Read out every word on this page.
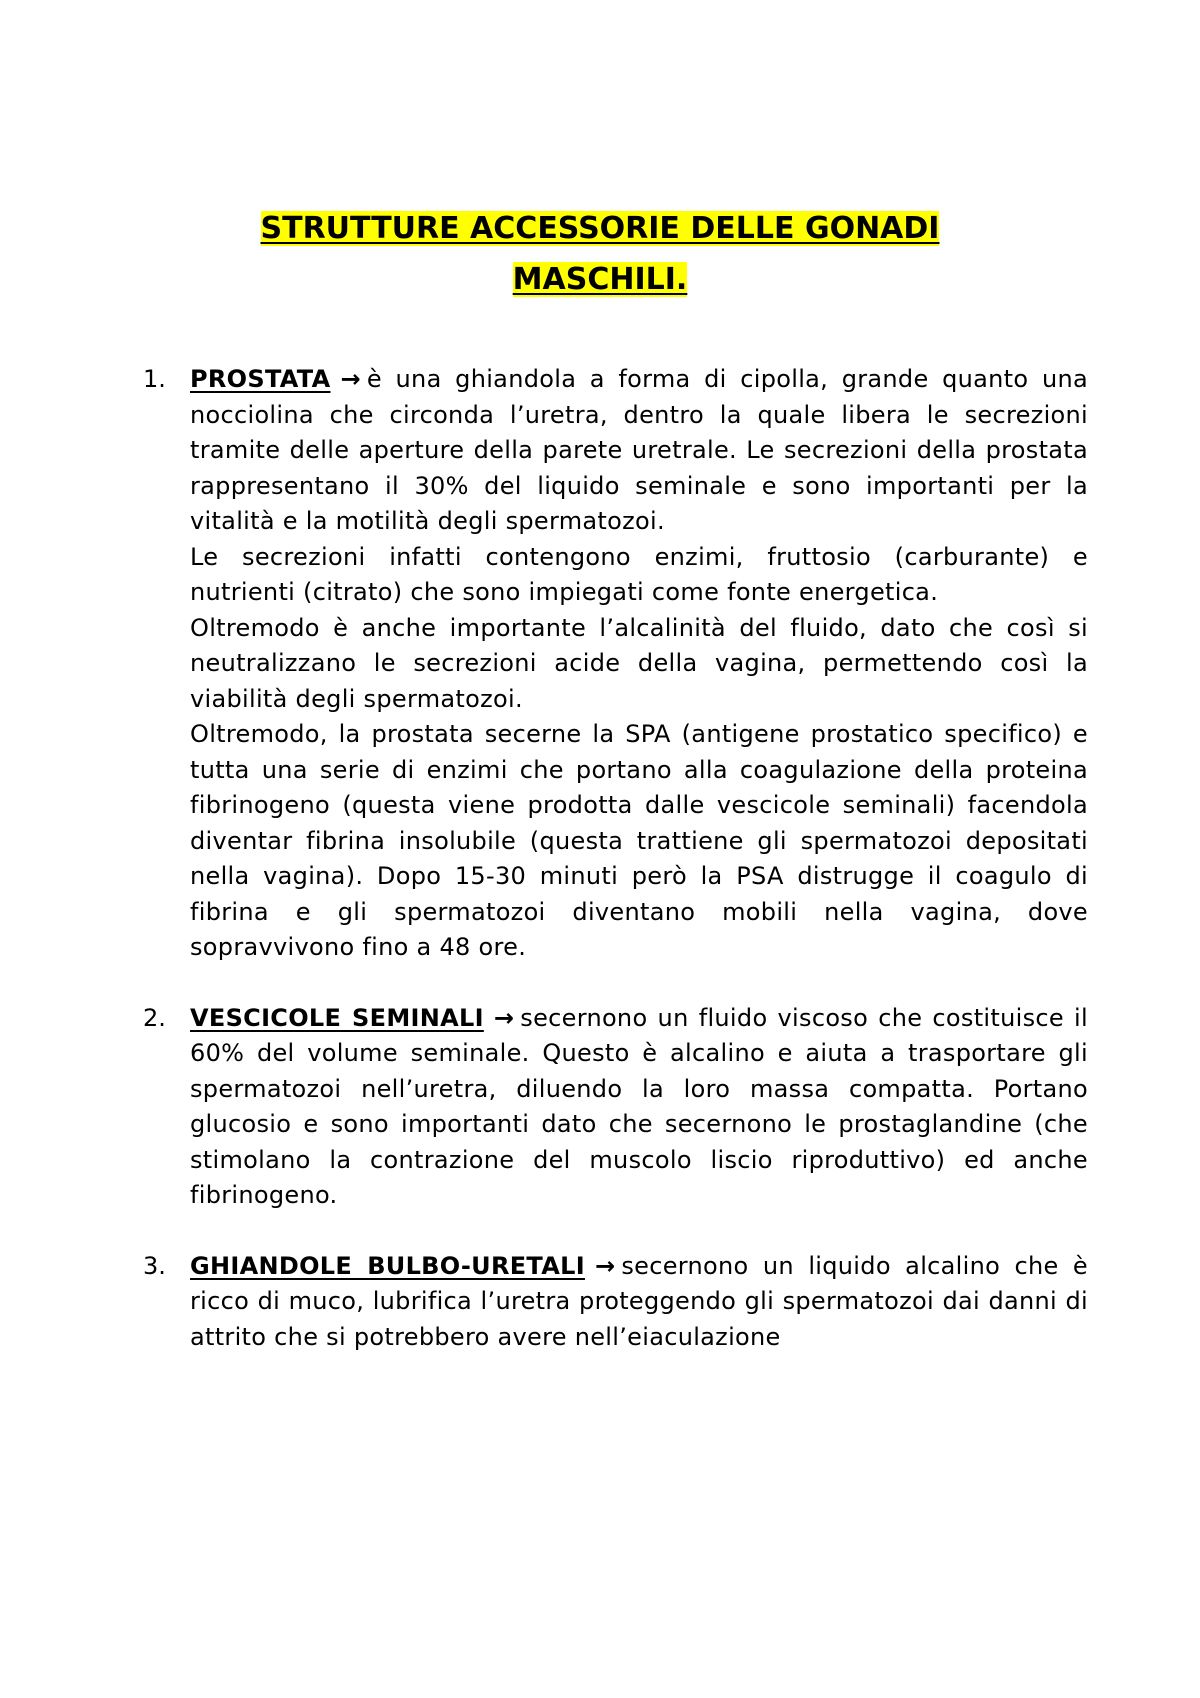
STRUTTURE ACCESSORIE DELLE GONADI
MASCHILI.
1. PROSTATA → è una ghiandola a forma di cipolla, grande quanto una nocciolina che circonda l’uretra, dentro la quale libera le secrezioni tramite delle aperture della parete uretrale. Le secrezioni della prostata rappresentano il 30% del liquido seminale e sono importanti per la vitalità e la motilità degli spermatozoi.

Le secrezioni infatti contengono enzimi, fruttosio (carburante) e nutrienti (citrato) che sono impiegati come fonte energetica.

Oltremodo è anche importante l’alcalinità del fluido, dato che così si neutralizzano le secrezioni acide della vagina, permettendo così la viabilità degli spermatozoi.

Oltremodo, la prostata secerne la SPA (antigene prostatico specifico) e tutta una serie di enzimi che portano alla coagulazione della proteina fibrinogeno (questa viene prodotta dalle vescicole seminali) facendola diventar fibrina insolubile (questa trattiene gli spermatozoi depositati nella vagina). Dopo 15-30 minuti però la PSA distrugge il coagulo di fibrina e gli spermatozoi diventano mobili nella vagina, dove sopravvivono fino a 48 ore.

2. VESCICOLE SEMINALI → secernono un fluido viscoso che costituisce il 60% del volume seminale. Questo è alcalino e aiuta a trasportare gli spermatozoi nell’uretra, diluendo la loro massa compatta. Portano glucosio e sono importanti dato che secernono le prostaglandine (che stimolano la contrazione del muscolo liscio riproduttivo) ed anche fibrinogeno.

3. GHIANDOLE BULBO-URETALI → secernono un liquido alcalino che è ricco di muco, lubrifica l’uretra proteggendo gli spermatozoi dai danni di attrito che si potrebbero avere nell’eiaculazione
